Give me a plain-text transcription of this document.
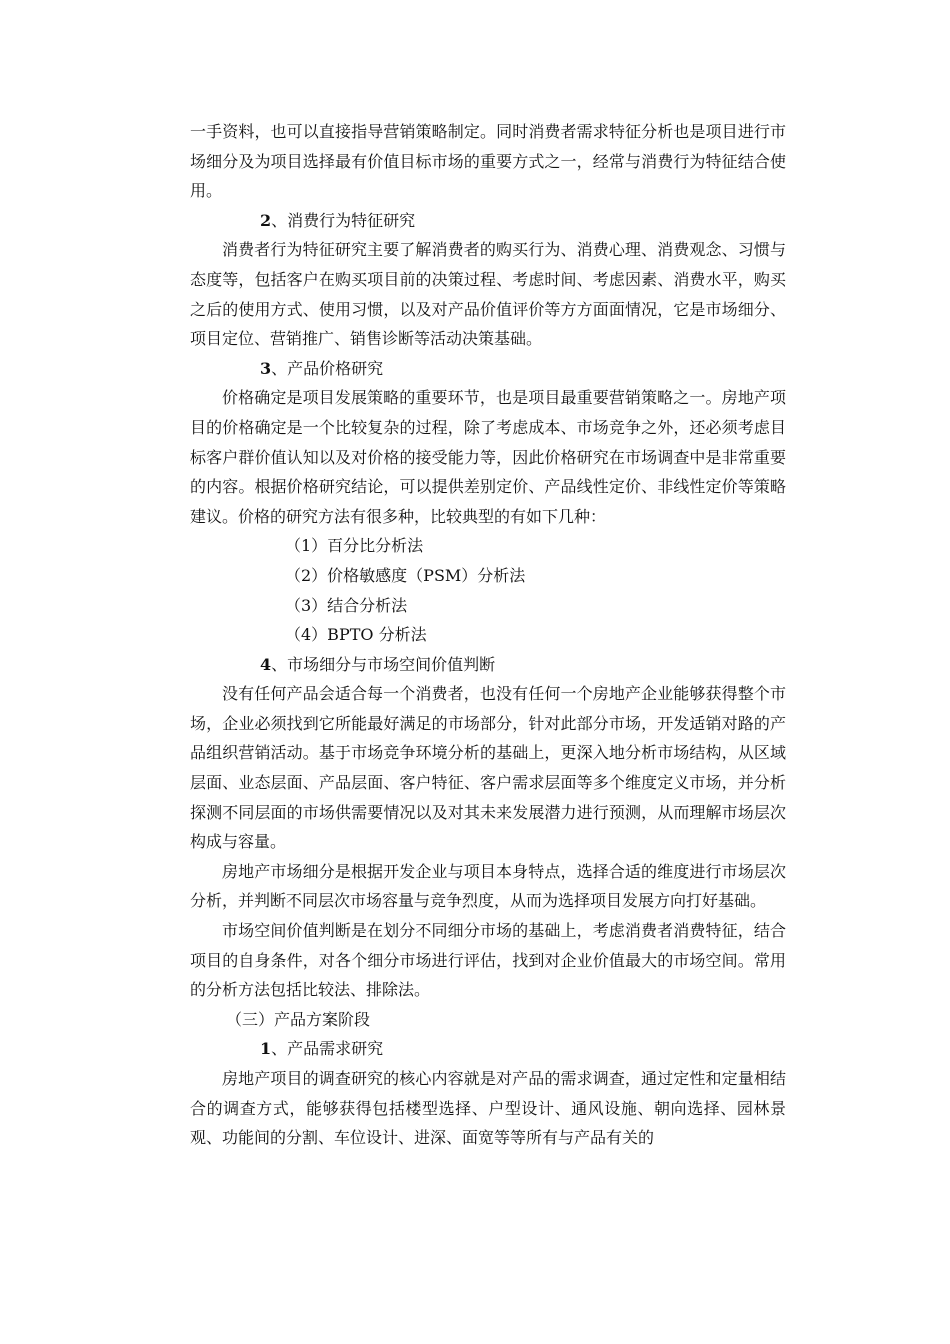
一手资料，也可以直接指导营销策略制定。同时消费者需求特征分析也是项目进行市场细分及为项目选择最有价值目标市场的重要方式之一，经常与消费行为特征结合使用。

2、消费行为特征研究

消费者行为特征研究主要了解消费者的购买行为、消费心理、消费观念、习惯与态度等，包括客户在购买项目前的决策过程、考虑时间、考虑因素、消费水平，购买之后的使用方式、使用习惯，以及对产品价值评价等方方面面情况，它是市场细分、项目定位、营销推广、销售诊断等活动决策基础。

3、产品价格研究

价格确定是项目发展策略的重要环节，也是项目最重要营销策略之一。房地产项目的价格确定是一个比较复杂的过程，除了考虑成本、市场竞争之外，还必须考虑目标客户群价值认知以及对价格的接受能力等，因此价格研究在市场调查中是非常重要的内容。根据价格研究结论，可以提供差别定价、产品线性定价、非线性定价等策略建议。价格的研究方法有很多种，比较典型的有如下几种：

（1）百分比分析法

（2）价格敏感度（PSM）分析法

（3）结合分析法

（4）BPTO 分析法

4、市场细分与市场空间价值判断

没有任何产品会适合每一个消费者，也没有任何一个房地产企业能够获得整个市场，企业必须找到它所能最好满足的市场部分，针对此部分市场，开发适销对路的产品组织营销活动。基于市场竞争环境分析的基础上，更深入地分析市场结构，从区域层面、业态层面、产品层面、客户特征、客户需求层面等多个维度定义市场，并分析探测不同层面的市场供需要情况以及对其未来发展潜力进行预测，从而理解市场层次构成与容量。

房地产市场细分是根据开发企业与项目本身特点，选择合适的维度进行市场层次分析，并判断不同层次市场容量与竞争烈度，从而为选择项目发展方向打好基础。

市场空间价值判断是在划分不同细分市场的基础上，考虑消费者消费特征，结合项目的自身条件，对各个细分市场进行评估，找到对企业价值最大的市场空间。常用的分析方法包括比较法、排除法。

（三）产品方案阶段

1、产品需求研究

房地产项目的调查研究的核心内容就是对产品的需求调查，通过定性和定量相结合的调查方式，能够获得包括楼型选择、户型设计、通风设施、朝向选择、园林景观、功能间的分割、车位设计、进深、面宽等等所有与产品有关的
